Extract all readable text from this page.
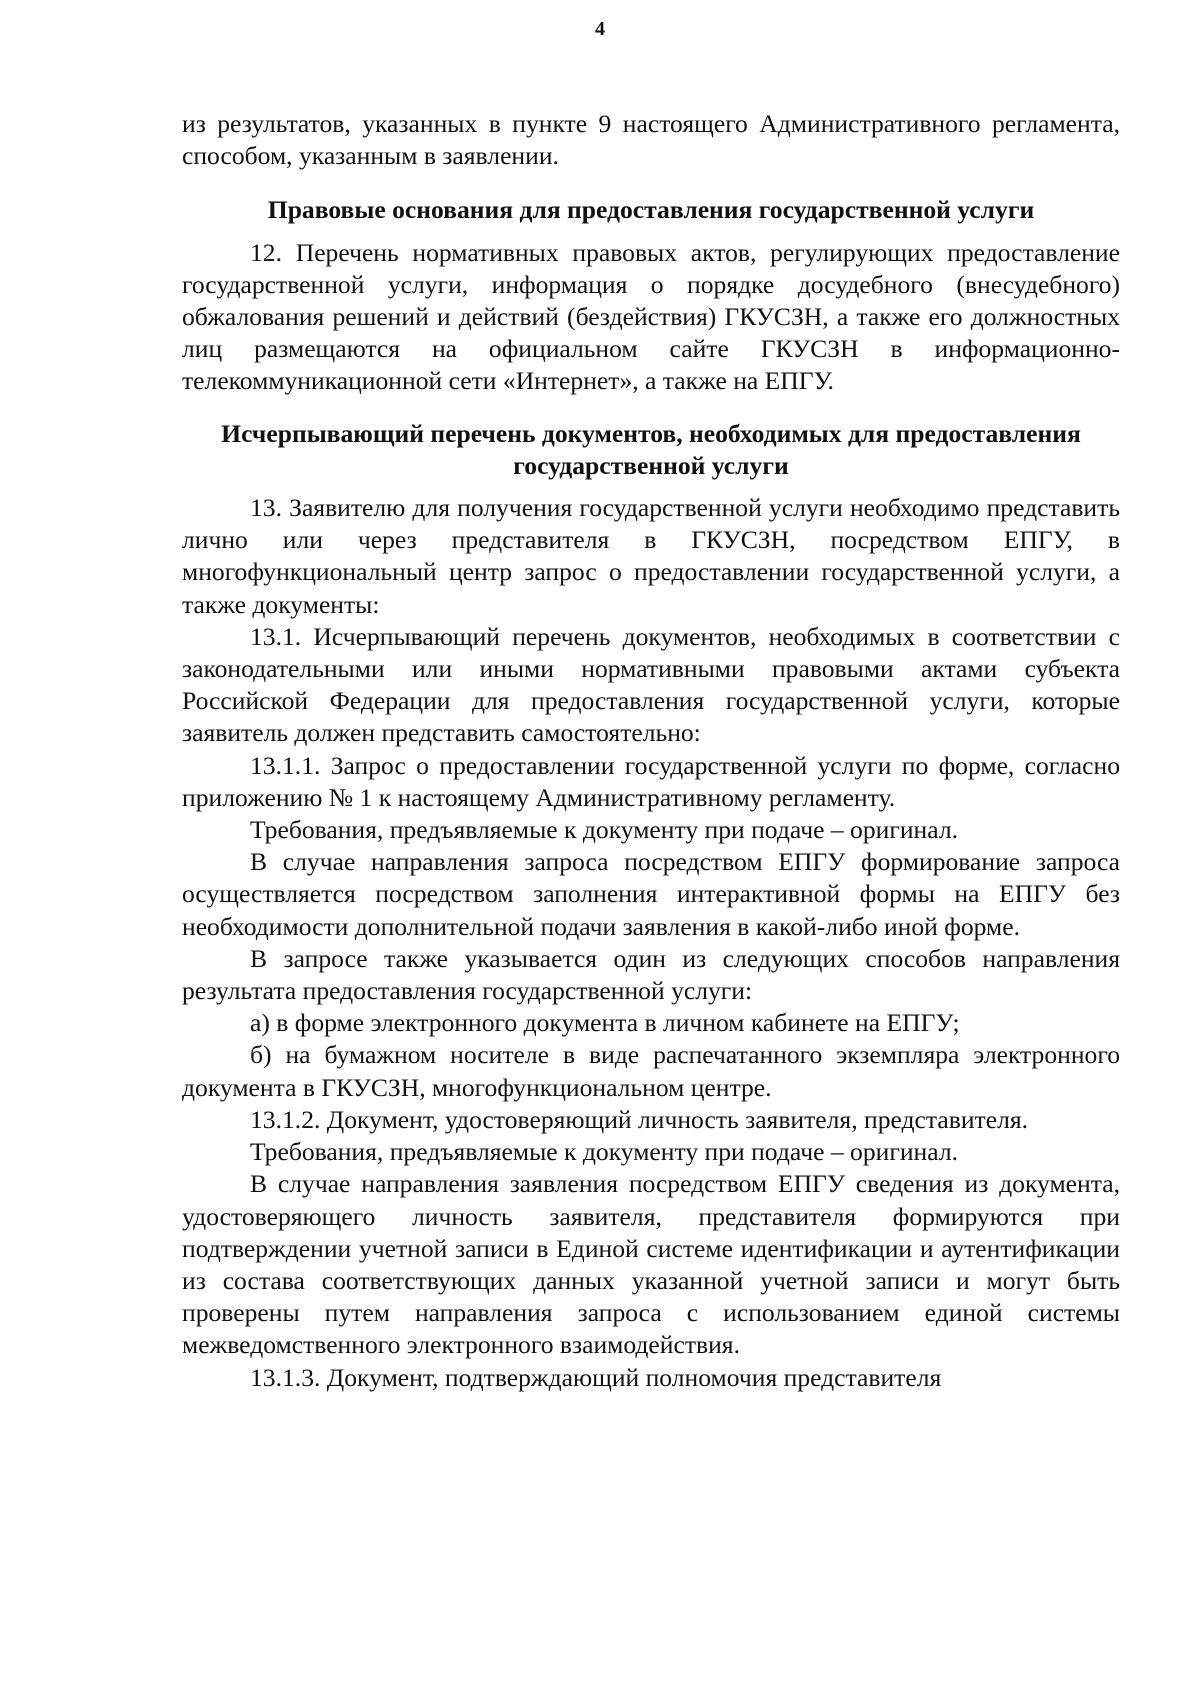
4

из результатов, указанных в пункте 9 настоящего Административного регламента, способом, указанным в заявлении.

Правовые основания для предоставления государственной услуги

12. Перечень нормативных правовых актов, регулирующих предоставление государственной услуги, информация о порядке досудебного (внесудебного) обжалования решений и действий (бездействия) ГКУСЗН, а также его должностных лиц размещаются на официальном сайте ГКУСЗН в информационно-телекоммуникационной сети «Интернет», а также на ЕПГУ.

Исчерпывающий перечень документов, необходимых для предоставления государственной услуги

13. Заявителю для получения государственной услуги необходимо представить лично или через представителя в ГКУСЗН, посредством ЕПГУ, в многофункциональный центр запрос о предоставлении государственной услуги, а также документы:

13.1. Исчерпывающий перечень документов, необходимых в соответствии с законодательными или иными нормативными правовыми актами субъекта Российской Федерации для предоставления государственной услуги, которые заявитель должен представить самостоятельно:

13.1.1. Запрос о предоставлении государственной услуги по форме, согласно приложению № 1 к настоящему Административному регламенту.

Требования, предъявляемые к документу при подаче – оригинал.

В случае направления запроса посредством ЕПГУ формирование запроса осуществляется посредством заполнения интерактивной формы на ЕПГУ без необходимости дополнительной подачи заявления в какой-либо иной форме.

В запросе также указывается один из следующих способов направления результата предоставления государственной услуги:

а) в форме электронного документа в личном кабинете на ЕПГУ;

б) на бумажном носителе в виде распечатанного экземпляра электронного документа в ГКУСЗН, многофункциональном центре.

13.1.2. Документ, удостоверяющий личность заявителя, представителя.

Требования, предъявляемые к документу при подаче – оригинал.

В случае направления заявления посредством ЕПГУ сведения из документа, удостоверяющего личность заявителя, представителя формируются при подтверждении учетной записи в Единой системе идентификации и аутентификации из состава соответствующих данных указанной учетной записи и могут быть проверены путем направления запроса с использованием единой системы межведомственного электронного взаимодействия.

13.1.3. Документ, подтверждающий полномочия представителя
